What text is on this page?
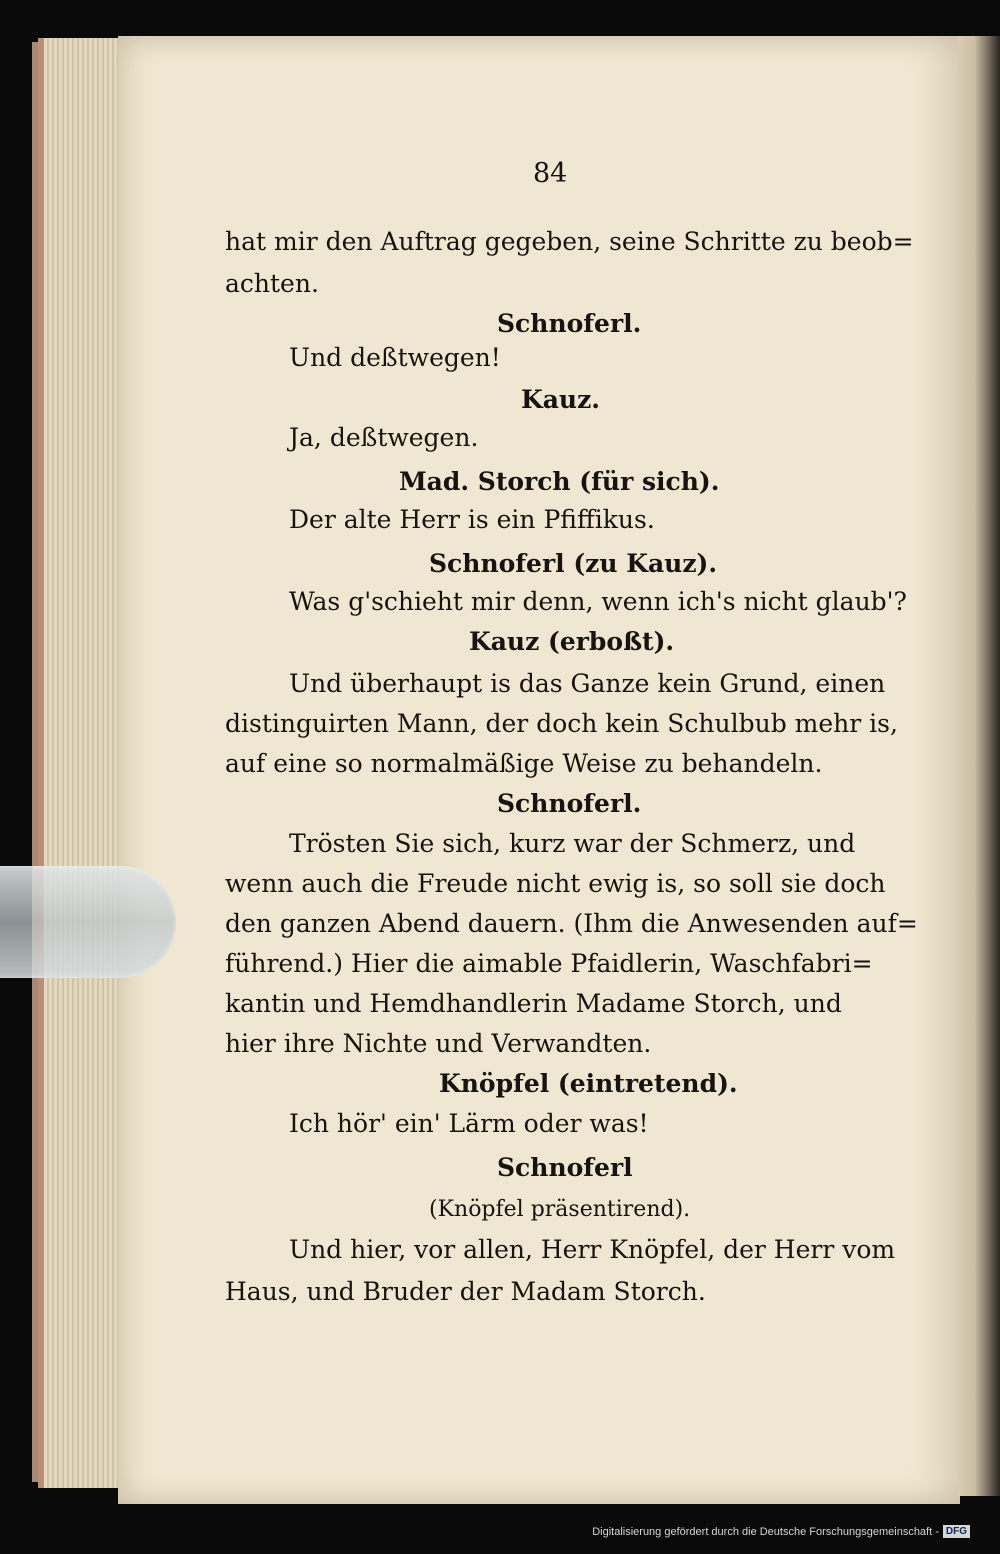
84
hat mir den Auftrag gegeben, seine Schritte zu beob=
achten.
Schnoferl.
Und deßtwegen!
Kauz.
Ja, deßtwegen.
Mad. Storch (für sich).
Der alte Herr is ein Pfiffikus.
Schnoferl (zu Kauz).
Was g'schieht mir denn, wenn ich's nicht glaub'?
Kauz (erboßt).
Und überhaupt is das Ganze kein Grund, einen
distinguirten Mann, der doch kein Schulbub mehr is,
auf eine so normalmäßige Weise zu behandeln.
Schnoferl.
Trösten Sie sich, kurz war der Schmerz, und
wenn auch die Freude nicht ewig is, so soll sie doch
den ganzen Abend dauern. (Ihm die Anwesenden auf=
führend.) Hier die aimable Pfaidlerin, Waschfabri=
kantin und Hemdhandlerin Madame Storch, und
hier ihre Nichte und Verwandten.
Knöpfel (eintretend).
Ich hör' ein' Lärm oder was!
Schnoferl
(Knöpfel präsentirend).
Und hier, vor allen, Herr Knöpfel, der Herr vom
Haus, und Bruder der Madam Storch.
Digitalisierung gefördert durch die Deutsche Forschungsgemeinschaft - DFG
